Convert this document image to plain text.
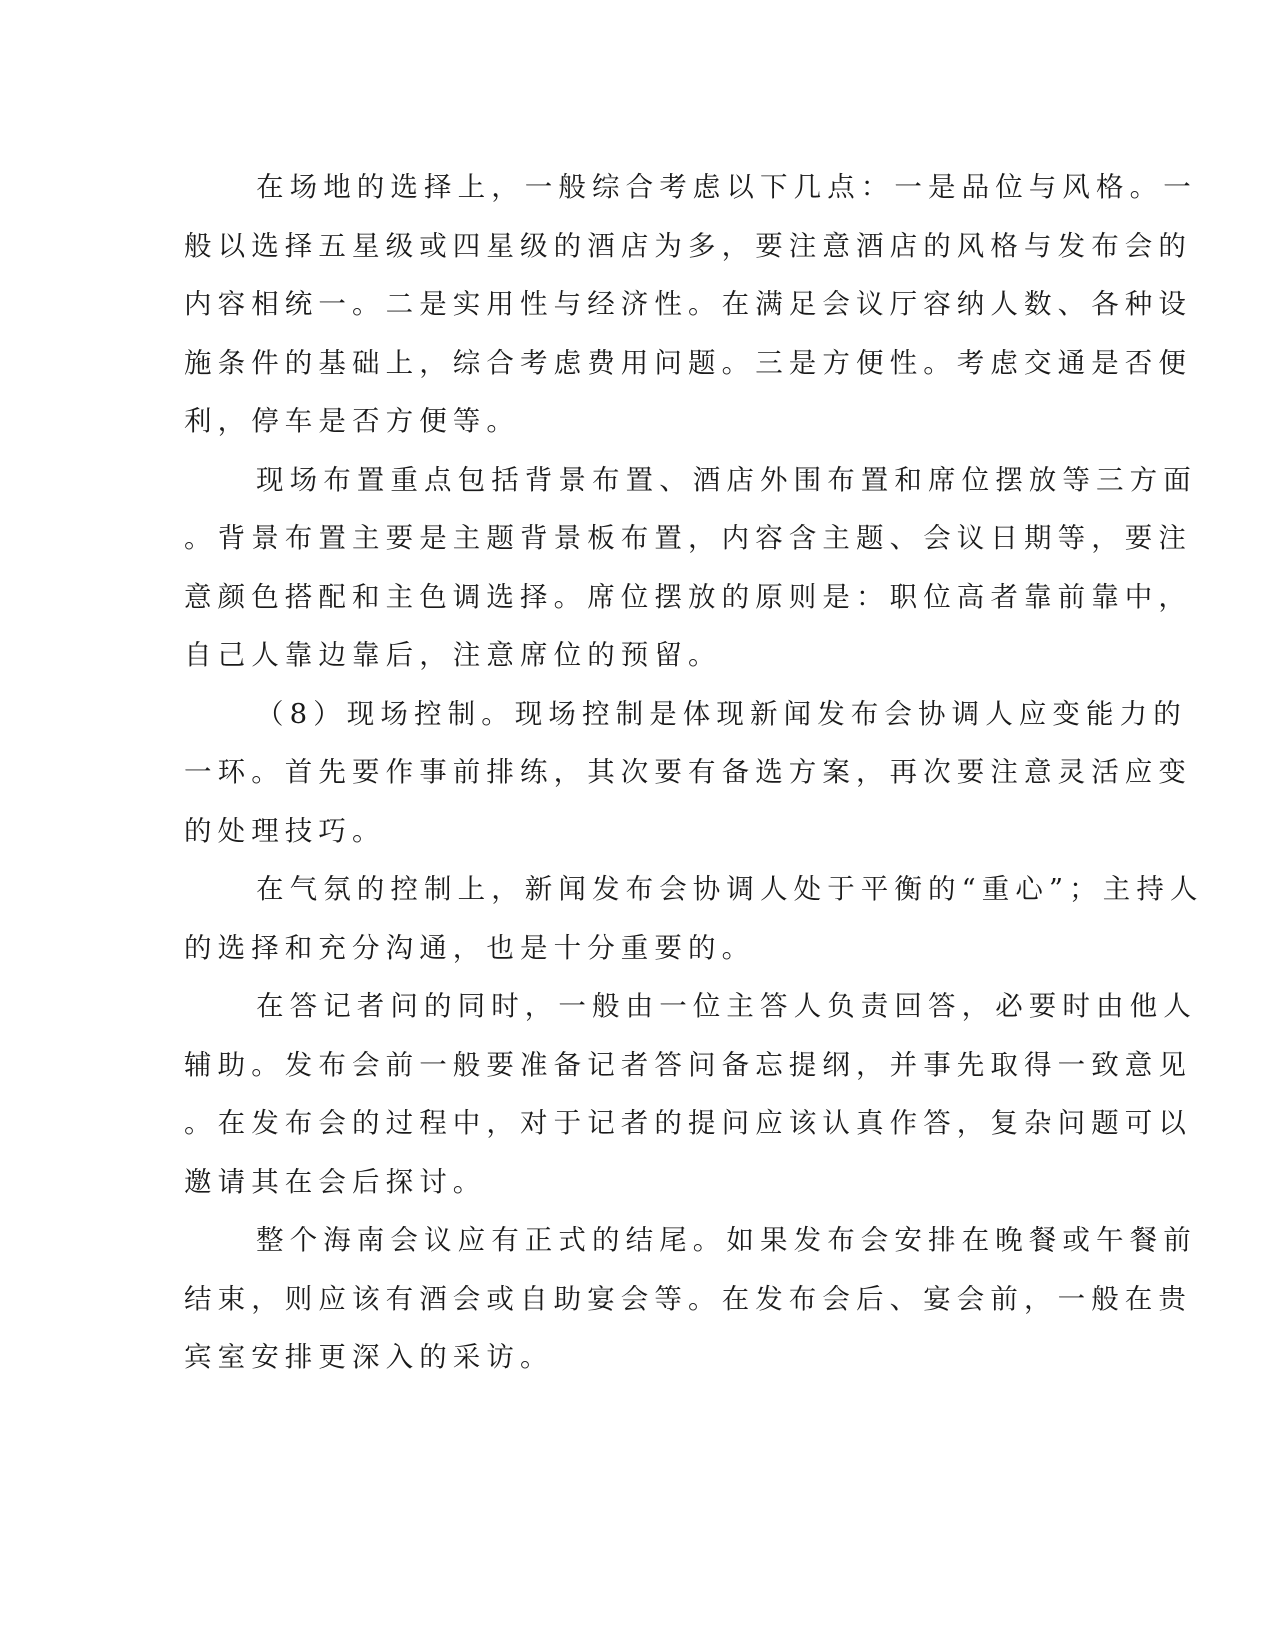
在场地的选择上，一般综合考虑以下几点：一是品位与风格。一
般以选择五星级或四星级的酒店为多，要注意酒店的风格与发布会的
内容相统一。二是实用性与经济性。在满足会议厅容纳人数、各种设
施条件的基础上，综合考虑费用问题。三是方便性。考虑交通是否便
利，停车是否方便等。

现场布置重点包括背景布置、酒店外围布置和席位摆放等三方面
。背景布置主要是主题背景板布置，内容含主题、会议日期等，要注
意颜色搭配和主色调选择。席位摆放的原则是：职位高者靠前靠中，
自己人靠边靠后，注意席位的预留。

（8）现场控制。现场控制是体现新闻发布会协调人应变能力的
一环。首先要作事前排练，其次要有备选方案，再次要注意灵活应变
的处理技巧。

在气氛的控制上，新闻发布会协调人处于平衡的“重心”；主持人
的选择和充分沟通，也是十分重要的。

在答记者问的同时，一般由一位主答人负责回答，必要时由他人
辅助。发布会前一般要准备记者答问备忘提纲，并事先取得一致意见
。在发布会的过程中，对于记者的提问应该认真作答，复杂问题可以
邀请其在会后探讨。

整个海南会议应有正式的结尾。如果发布会安排在晚餐或午餐前
结束，则应该有酒会或自助宴会等。在发布会后、宴会前，一般在贵
宾室安排更深入的采访。
